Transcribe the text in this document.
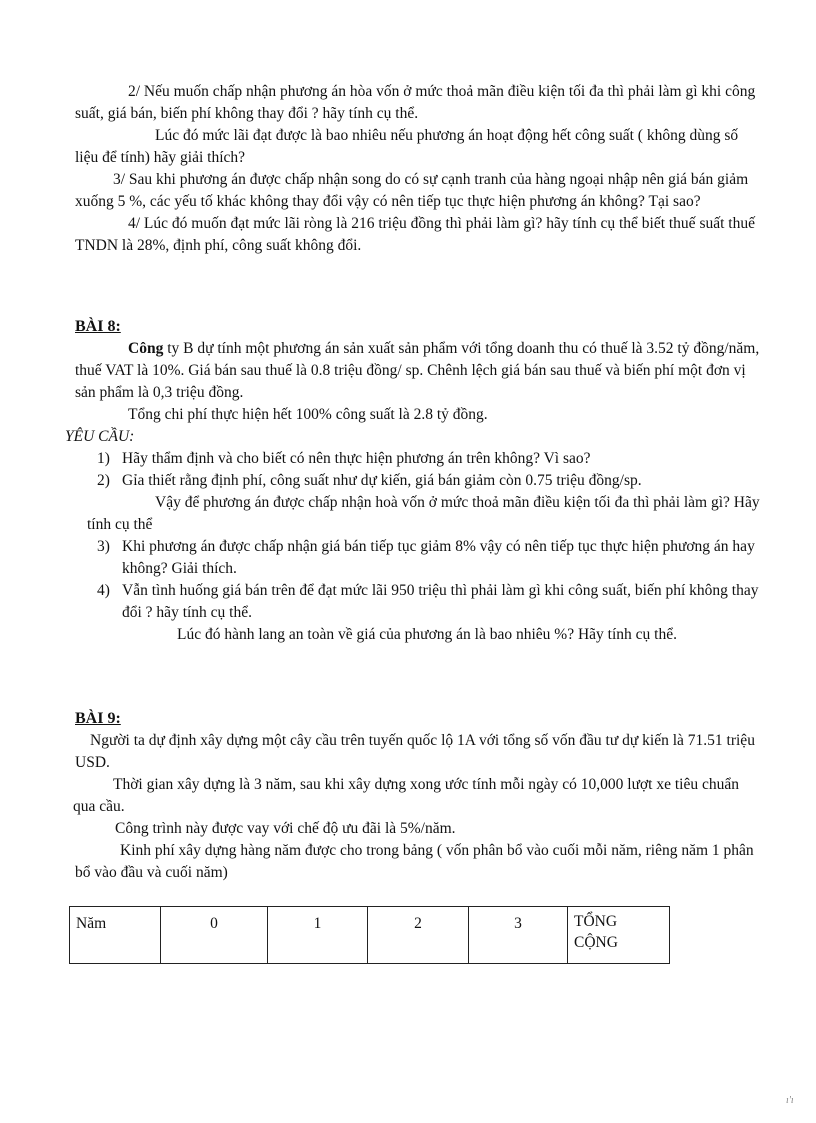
2/ Nếu muốn chấp nhận phương án hòa vốn ở mức thoả mãn điều kiện tối đa thì phải làm gì khi công suất, giá bán, biến phí không thay đổi ? hãy tính cụ thể.

Lúc đó mức lãi đạt được là bao nhiêu nếu phương án hoạt động hết công suất ( không dùng số liệu để tính) hãy giải thích?

3/ Sau khi phương án được chấp nhận song do có sự cạnh tranh của hàng ngoại nhập nên giá bán giảm xuống 5 %, các yếu tố khác không thay đổi vậy có nên tiếp tục thực hiện phương án không? Tại sao?

4/ Lúc đó muốn đạt mức lãi ròng là 216 triệu đồng thì phải làm gì? hãy tính cụ thể biết thuế suất thuế TNDN là 28%, định phí, công suất không đổi.

BÀI 8:

Công ty B dự tính một phương án sản xuất sản phẩm với tổng doanh thu có thuế là 3.52 tỷ đồng/năm, thuế VAT là 10%. Giá bán sau thuế là 0.8 triệu đồng/ sp. Chênh lệch giá bán sau thuế và biến phí một đơn vị sản phẩm là 0,3 triệu đồng.

Tổng chi phí thực hiện hết 100% công suất là 2.8 tỷ đồng.

YÊU CẦU:

1) Hãy thẩm định và cho biết có nên thực hiện phương án trên không? Vì sao?
2) Gỉa thiết rằng định phí, công suất như dự kiến, giá bán giảm còn 0.75 triệu đồng/sp.

Vậy để phương án được chấp nhận hoà vốn ở mức thoả mãn điều kiện tối đa thì phải làm gì? Hãy tính cụ thể

3) Khi phương án được chấp nhận giá bán tiếp tục giảm 8% vậy có nên tiếp tục thực hiện phương án hay không? Giải thích.
4) Vẫn tình huống giá bán trên để đạt mức lãi 950 triệu thì phải làm gì khi công suất, biến phí không thay đổi ? hãy tính cụ thể.

Lúc đó hành lang an toàn về giá của phương án là bao nhiêu %? Hãy tính cụ thể.

BÀI 9:

Người ta dự định xây dựng một cây cầu trên tuyến quốc lộ 1A với tổng số vốn đầu tư dự kiến là 71.51 triệu USD.

Thời gian xây dựng là 3 năm, sau khi xây dựng xong ước tính mỗi ngày có 10,000 lượt xe tiêu chuẩn qua cầu.

Công trình này được vay với chế độ ưu đãi là 5%/năm.

Kinh phí xây dựng hàng năm được cho trong bảng ( vốn phân bổ vào cuối mỗi năm, riêng năm 1 phân bổ vào đầu và cuối năm)

Năm	0	1	2	3	TỔNG
CỘNG
ı'ı
